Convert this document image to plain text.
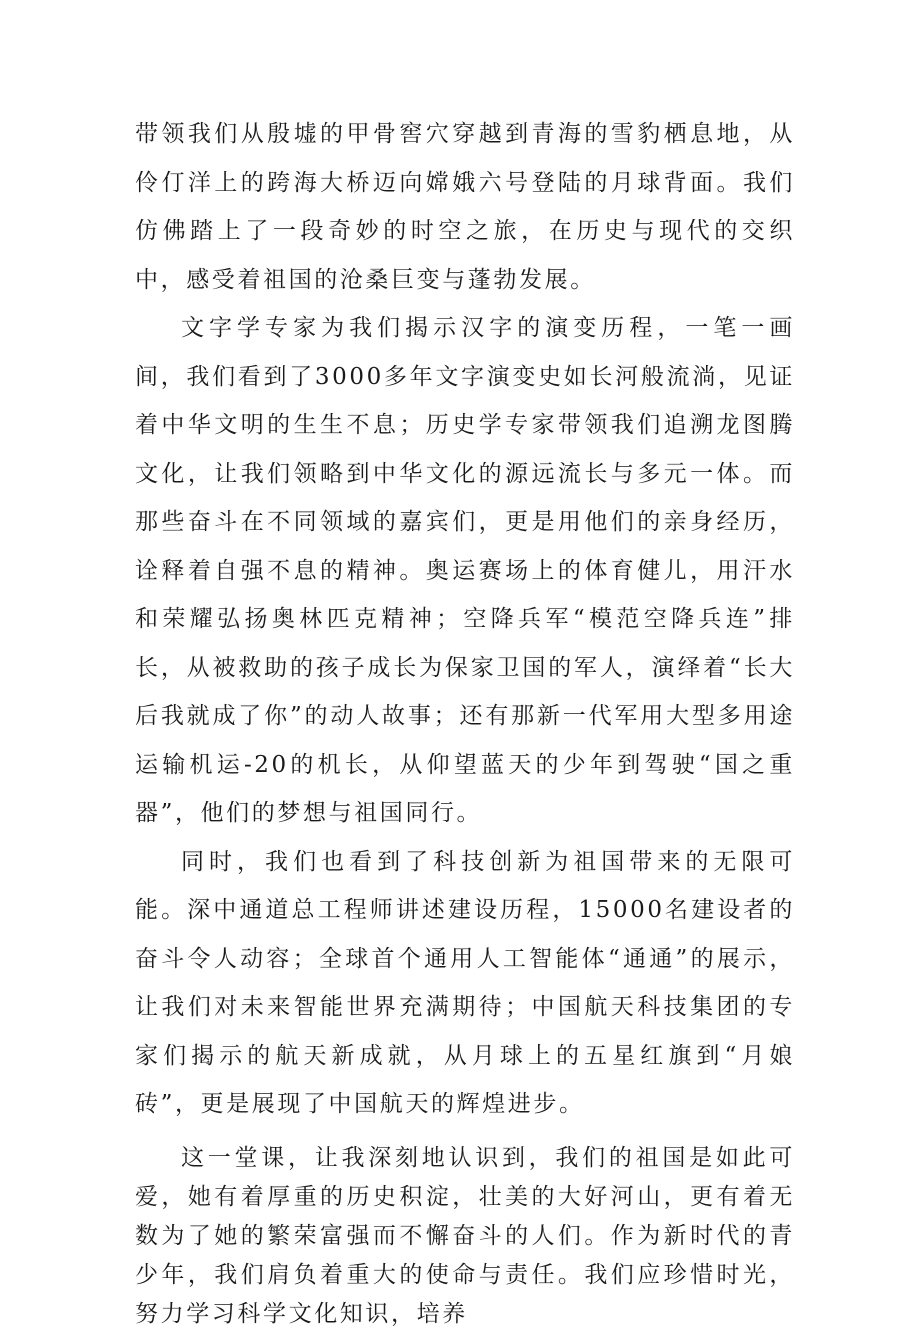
带领我们从殷墟的甲骨窖穴穿越到青海的雪豹栖息地，从伶仃洋上的跨海大桥迈向嫦娥六号登陆的月球背面。我们仿佛踏上了一段奇妙的时空之旅，在历史与现代的交织中，感受着祖国的沧桑巨变与蓬勃发展。

文字学专家为我们揭示汉字的演变历程，一笔一画间，我们看到了3000多年文字演变史如长河般流淌，见证着中华文明的生生不息；历史学专家带领我们追溯龙图腾文化，让我们领略到中华文化的源远流长与多元一体。而那些奋斗在不同领域的嘉宾们，更是用他们的亲身经历，诠释着自强不息的精神。奥运赛场上的体育健儿，用汗水和荣耀弘扬奥林匹克精神；空降兵军“模范空降兵连”排长，从被救助的孩子成长为保家卫国的军人，演绎着“长大后我就成了你”的动人故事；还有那新一代军用大型多用途运输机运-20的机长，从仰望蓝天的少年到驾驶“国之重器”，他们的梦想与祖国同行。

同时，我们也看到了科技创新为祖国带来的无限可能。深中通道总工程师讲述建设历程，15000名建设者的奋斗令人动容；全球首个通用人工智能体“通通”的展示，让我们对未来智能世界充满期待；中国航天科技集团的专家们揭示的航天新成就，从月球上的五星红旗到“月娘砖”，更是展现了中国航天的辉煌进步。

这一堂课，让我深刻地认识到，我们的祖国是如此可爱，她有着厚重的历史积淀，壮美的大好河山，更有着无数为了她的繁荣富强而不懈奋斗的人们。作为新时代的青少年，我们肩负着重大的使命与责任。我们应珍惜时光，努力学习科学文化知识，培养
